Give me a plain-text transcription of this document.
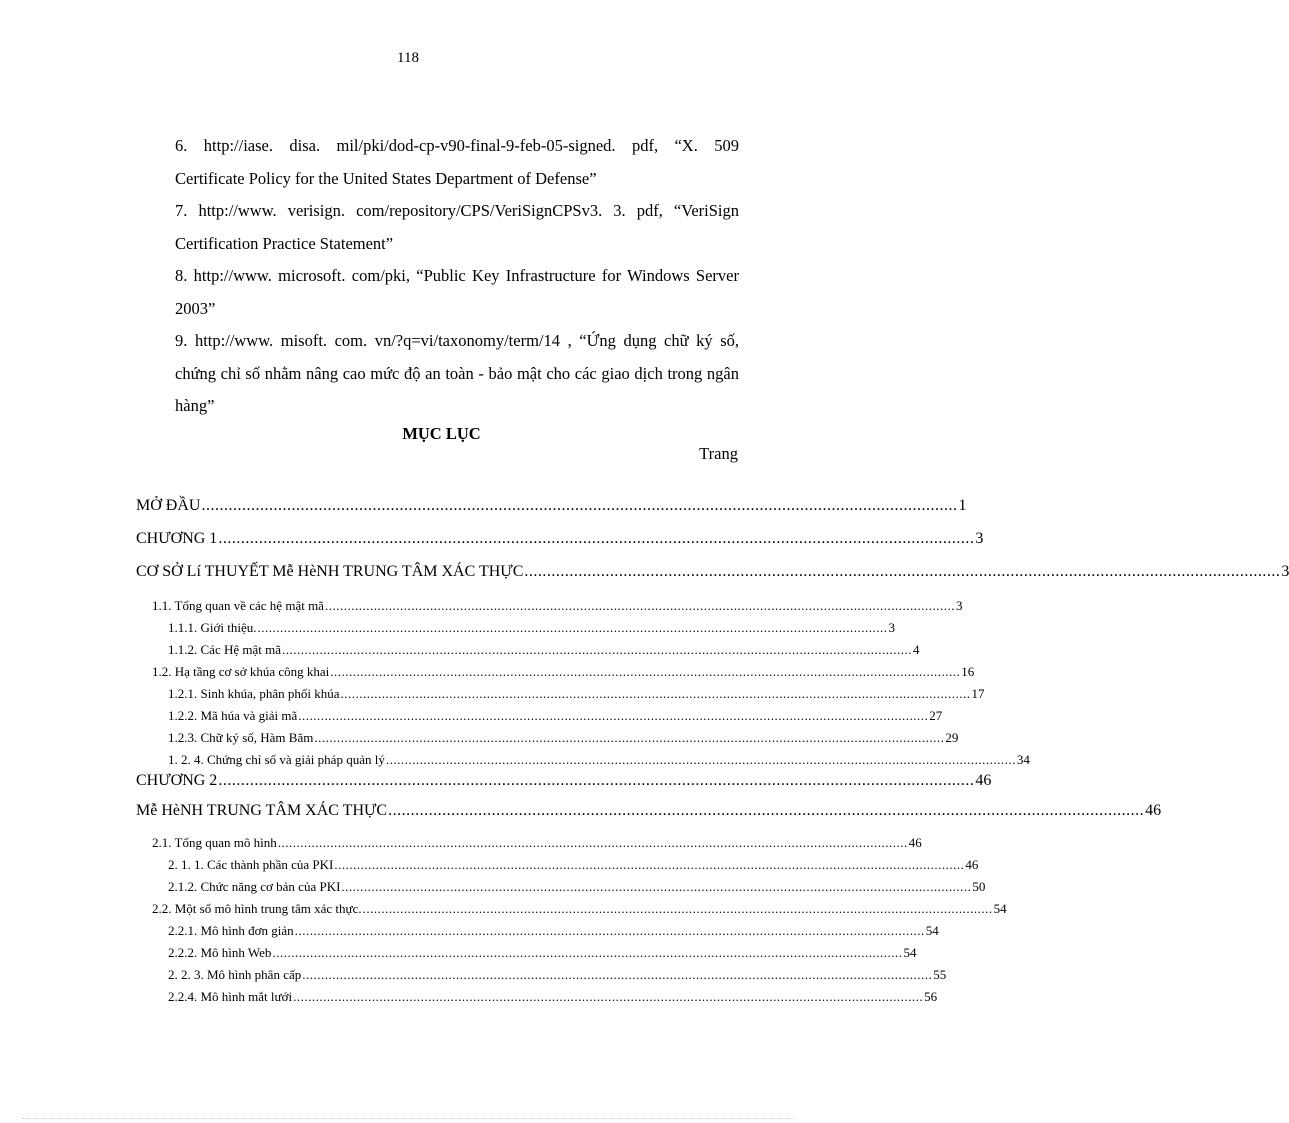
118
6. http://iase. disa. mil/pki/dod-cp-v90-final-9-feb-05-signed. pdf, “X. 509 Certificate Policy for the United States Department of Defense”
7. http://www. verisign. com/repository/CPS/VeriSignCPSv3. 3. pdf, “VeriSign Certification Practice Statement”
8. http://www. microsoft. com/pki, “Public Key Infrastructure for Windows Server 2003”
9. http://www. misoft. com. vn/?q=vi/taxonomy/term/14 , “Ứng dụng chữ ký số, chứng chỉ số nhằm nâng cao mức độ an toàn - bảo mật cho các giao dịch trong ngân hàng”
MỤC LỤC
Trang
MỞ ĐẦU ........................................................................................................................................................................ 1
CHƯƠNG 1 ........................................................................................................................................................................ 3
CƠ SỞ Lí THUYẾT Mễ HèNH TRUNG TÂM XÁC THỰC ........................................................................................................................................................................ 3
1.1. Tổng quan về các hệ mật mã ........................................................................................................................................................................ 3
1.1.1. Giới thiệu. ........................................................................................................................................................................ 3
1.1.2. Các Hệ mật mã ........................................................................................................................................................................ 4
1.2. Hạ tầng cơ sở khúa công khai ........................................................................................................................................................................ 16
1.2.1. Sinh khúa, phân phối khúa ........................................................................................................................................................................ 17
1.2.2. Mã húa và giải mã ........................................................................................................................................................................ 27
1.2.3. Chữ ký số, Hàm Băm ........................................................................................................................................................................ 29
1. 2. 4. Chứng chỉ số và giải pháp quản lý ........................................................................................................................................................................ 34
CHƯƠNG 2 ........................................................................................................................................................................ 46
Mễ HèNH TRUNG TÂM XÁC THỰC ........................................................................................................................................................................ 46
2.1. Tổng quan mô hình ........................................................................................................................................................................ 46
2. 1. 1. Các thành phần của PKI ........................................................................................................................................................................ 46
2.1.2. Chức năng cơ bản của PKI ........................................................................................................................................................................ 50
2.2. Một số mô hình trung tâm xác thực. ........................................................................................................................................................................ 54
2.2.1. Mô hình đơn giản ........................................................................................................................................................................ 54
2.2.2. Mô hình Web ........................................................................................................................................................................ 54
2. 2. 3. Mô hình phân cấp ........................................................................................................................................................................ 55
2.2.4. Mô hình mắt lưới ........................................................................................................................................................................ 56
